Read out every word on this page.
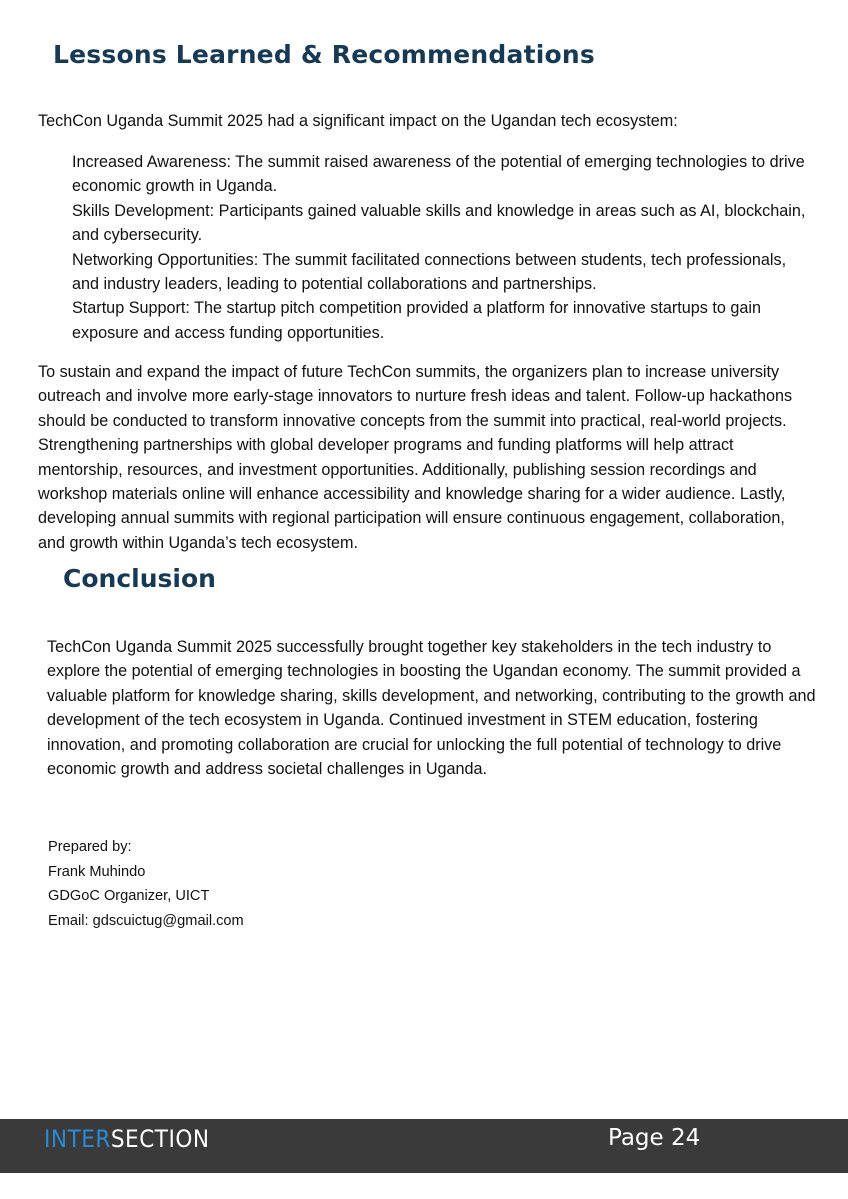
Lessons Learned & Recommendations

TechCon Uganda Summit 2025 had a significant impact on the Ugandan tech ecosystem:

Increased Awareness: The summit raised awareness of the potential of emerging technologies to drive economic growth in Uganda.
Skills Development: Participants gained valuable skills and knowledge in areas such as AI, blockchain, and cybersecurity.
Networking Opportunities: The summit facilitated connections between students, tech professionals, and industry leaders, leading to potential collaborations and partnerships.
Startup Support: The startup pitch competition provided a platform for innovative startups to gain exposure and access funding opportunities.

To sustain and expand the impact of future TechCon summits, the organizers plan to increase university outreach and involve more early-stage innovators to nurture fresh ideas and talent. Follow-up hackathons should be conducted to transform innovative concepts from the summit into practical, real-world projects. Strengthening partnerships with global developer programs and funding platforms will help attract mentorship, resources, and investment opportunities. Additionally, publishing session recordings and workshop materials online will enhance accessibility and knowledge sharing for a wider audience. Lastly, developing annual summits with regional participation will ensure continuous engagement, collaboration, and growth within Uganda’s tech ecosystem.

Conclusion

TechCon Uganda Summit 2025 successfully brought together key stakeholders in the tech industry to explore the potential of emerging technologies in boosting the Ugandan economy. The summit provided a valuable platform for knowledge sharing, skills development, and networking, contributing to the growth and development of the tech ecosystem in Uganda. Continued investment in STEM education, fostering innovation, and promoting collaboration are crucial for unlocking the full potential of technology to drive economic growth and address societal challenges in Uganda.

Prepared by:
Frank Muhindo
GDGoC Organizer, UICT
Email: gdscuictug@gmail.com
INTERSECTION	Page 24
